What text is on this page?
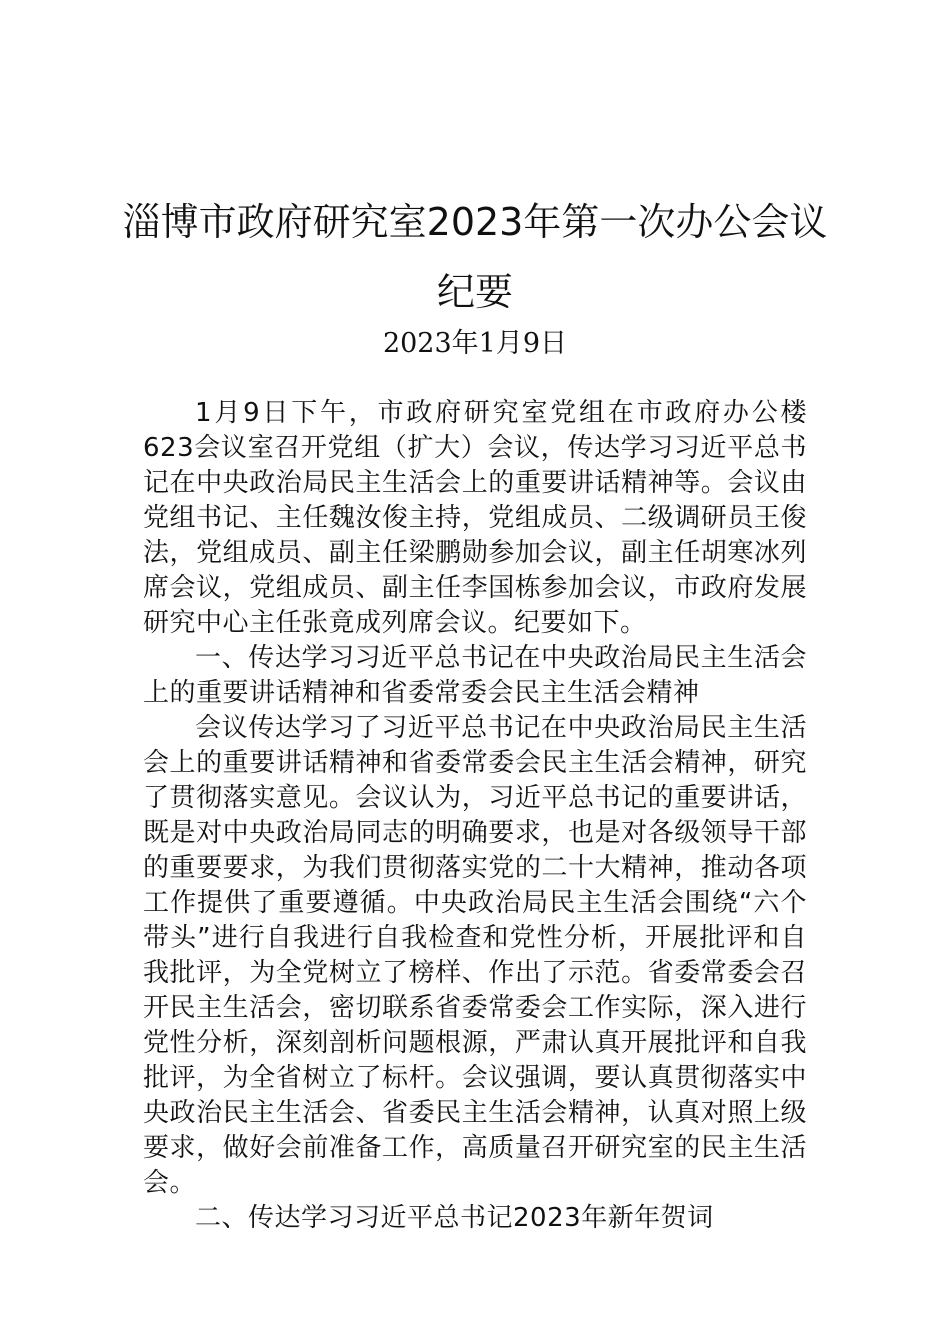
淄博市政府研究室2023年第一次办公会议
纪要
2023年1月9日

1月9日下午，市政府研究室党组在市政府办公楼623会议室召开党组（扩大）会议，传达学习习近平总书记在中央政治局民主生活会上的重要讲话精神等。会议由党组书记、主任魏汝俊主持，党组成员、二级调研员王俊法，党组成员、副主任梁鹏勋参加会议，副主任胡寒冰列席会议，党组成员、副主任李国栋参加会议，市政府发展研究中心主任张竟成列席会议。纪要如下。

一、传达学习习近平总书记在中央政治局民主生活会上的重要讲话精神和省委常委会民主生活会精神

会议传达学习了习近平总书记在中央政治局民主生活会上的重要讲话精神和省委常委会民主生活会精神，研究了贯彻落实意见。会议认为，习近平总书记的重要讲话，既是对中央政治局同志的明确要求，也是对各级领导干部的重要要求，为我们贯彻落实党的二十大精神，推动各项工作提供了重要遵循。中央政治局民主生活会围绕“六个带头”进行自我进行自我检查和党性分析，开展批评和自我批评，为全党树立了榜样、作出了示范。省委常委会召开民主生活会，密切联系省委常委会工作实际，深入进行党性分析，深刻剖析问题根源，严肃认真开展批评和自我批评，为全省树立了标杆。会议强调，要认真贯彻落实中央政治民主生活会、省委民主生活会精神，认真对照上级要求，做好会前准备工作，高质量召开研究室的民主生活会。

二、传达学习习近平总书记2023年新年贺词
